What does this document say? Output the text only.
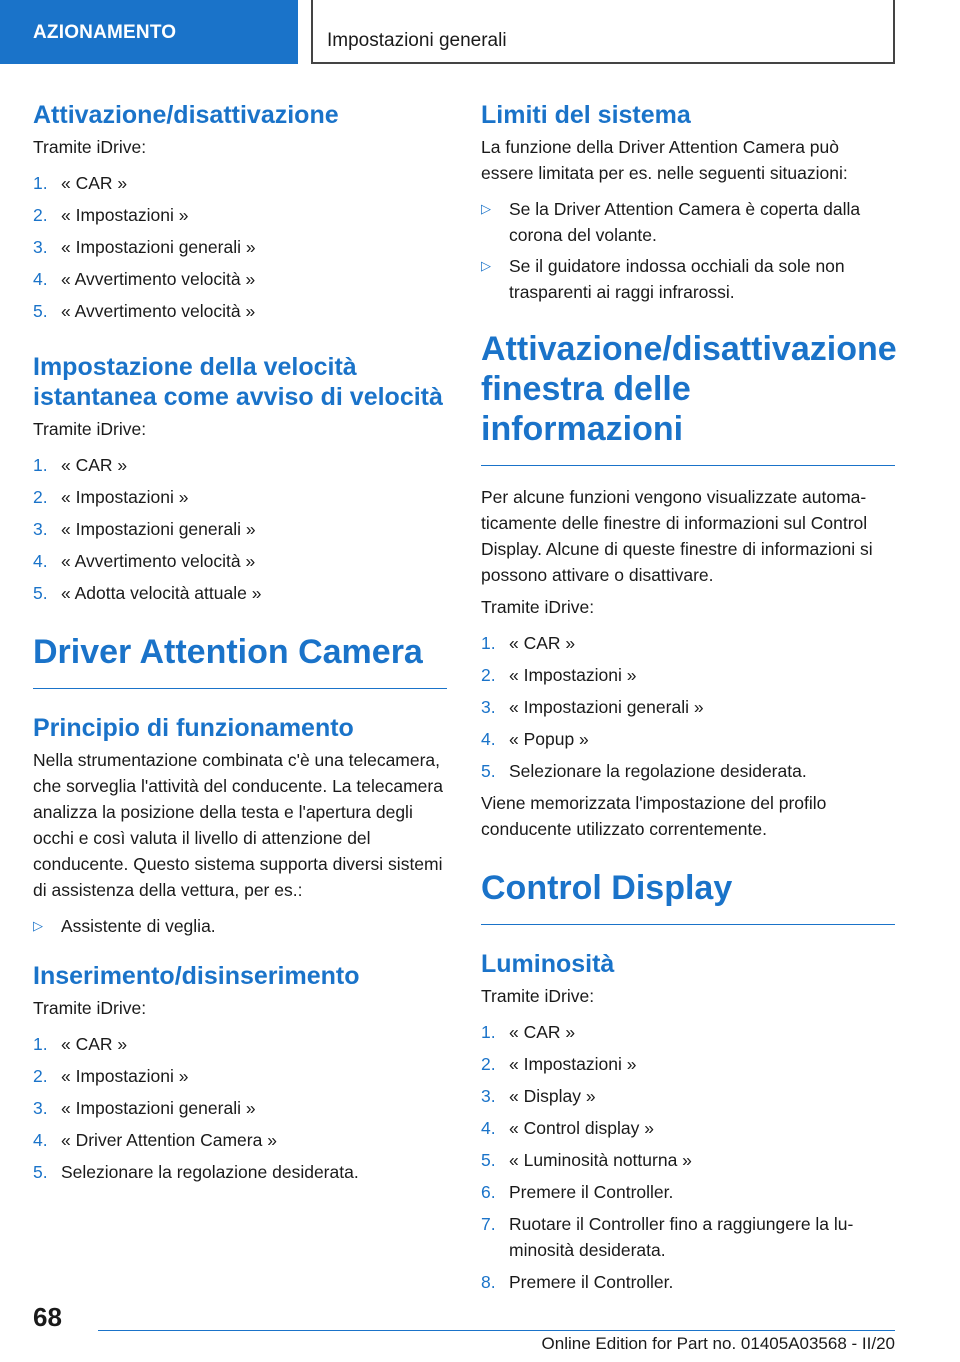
AZIONAMENTO	Impostazioni generali
Attivazione/disattivazione
Tramite iDrive:
1. « CAR »
2. « Impostazioni »
3. « Impostazioni generali »
4. « Avvertimento velocità »
5. « Avvertimento velocità »
Impostazione della velocità istantanea come avviso di velocità
Tramite iDrive:
1. « CAR »
2. « Impostazioni »
3. « Impostazioni generali »
4. « Avvertimento velocità »
5. « Adotta velocità attuale »
Driver Attention Camera
Principio di funzionamento
Nella strumentazione combinata c'è una telecamera, che sorveglia l'attività del conducente. La telecamera analizza la posizione della testa e l'apertura degli occhi e così valuta il livello di attenzione del conducente. Questo sistema supporta diversi sistemi di assistenza della vettura, per es.:
▷	Assistente di veglia.
Inserimento/disinserimento
Tramite iDrive:
1. « CAR »
2. « Impostazioni »
3. « Impostazioni generali »
4. « Driver Attention Camera »
5. Selezionare la regolazione desiderata.
Limiti del sistema
La funzione della Driver Attention Camera può essere limitata per es. nelle seguenti situazioni:
▷	Se la Driver Attention Camera è coperta dalla corona del volante.
▷	Se il guidatore indossa occhiali da sole non trasparenti ai raggi infrarossi.
Attivazione/disattivazione finestra delle informazioni
Per alcune funzioni vengono visualizzate automaticamente delle finestre di informazioni sul Control Display. Alcune di queste finestre di informazioni si possono attivare o disattivare.
Tramite iDrive:
1. « CAR »
2. « Impostazioni »
3. « Impostazioni generali »
4. « Popup »
5. Selezionare la regolazione desiderata.
Viene memorizzata l'impostazione del profilo conducente utilizzato correntemente.
Control Display
Luminosità
Tramite iDrive:
1. « CAR »
2. « Impostazioni »
3. « Display »
4. « Control display »
5. « Luminosità notturna »
6. Premere il Controller.
7. Ruotare il Controller fino a raggiungere la luminosità desiderata.
8. Premere il Controller.
68
Online Edition for Part no. 01405A03568 - II/20
